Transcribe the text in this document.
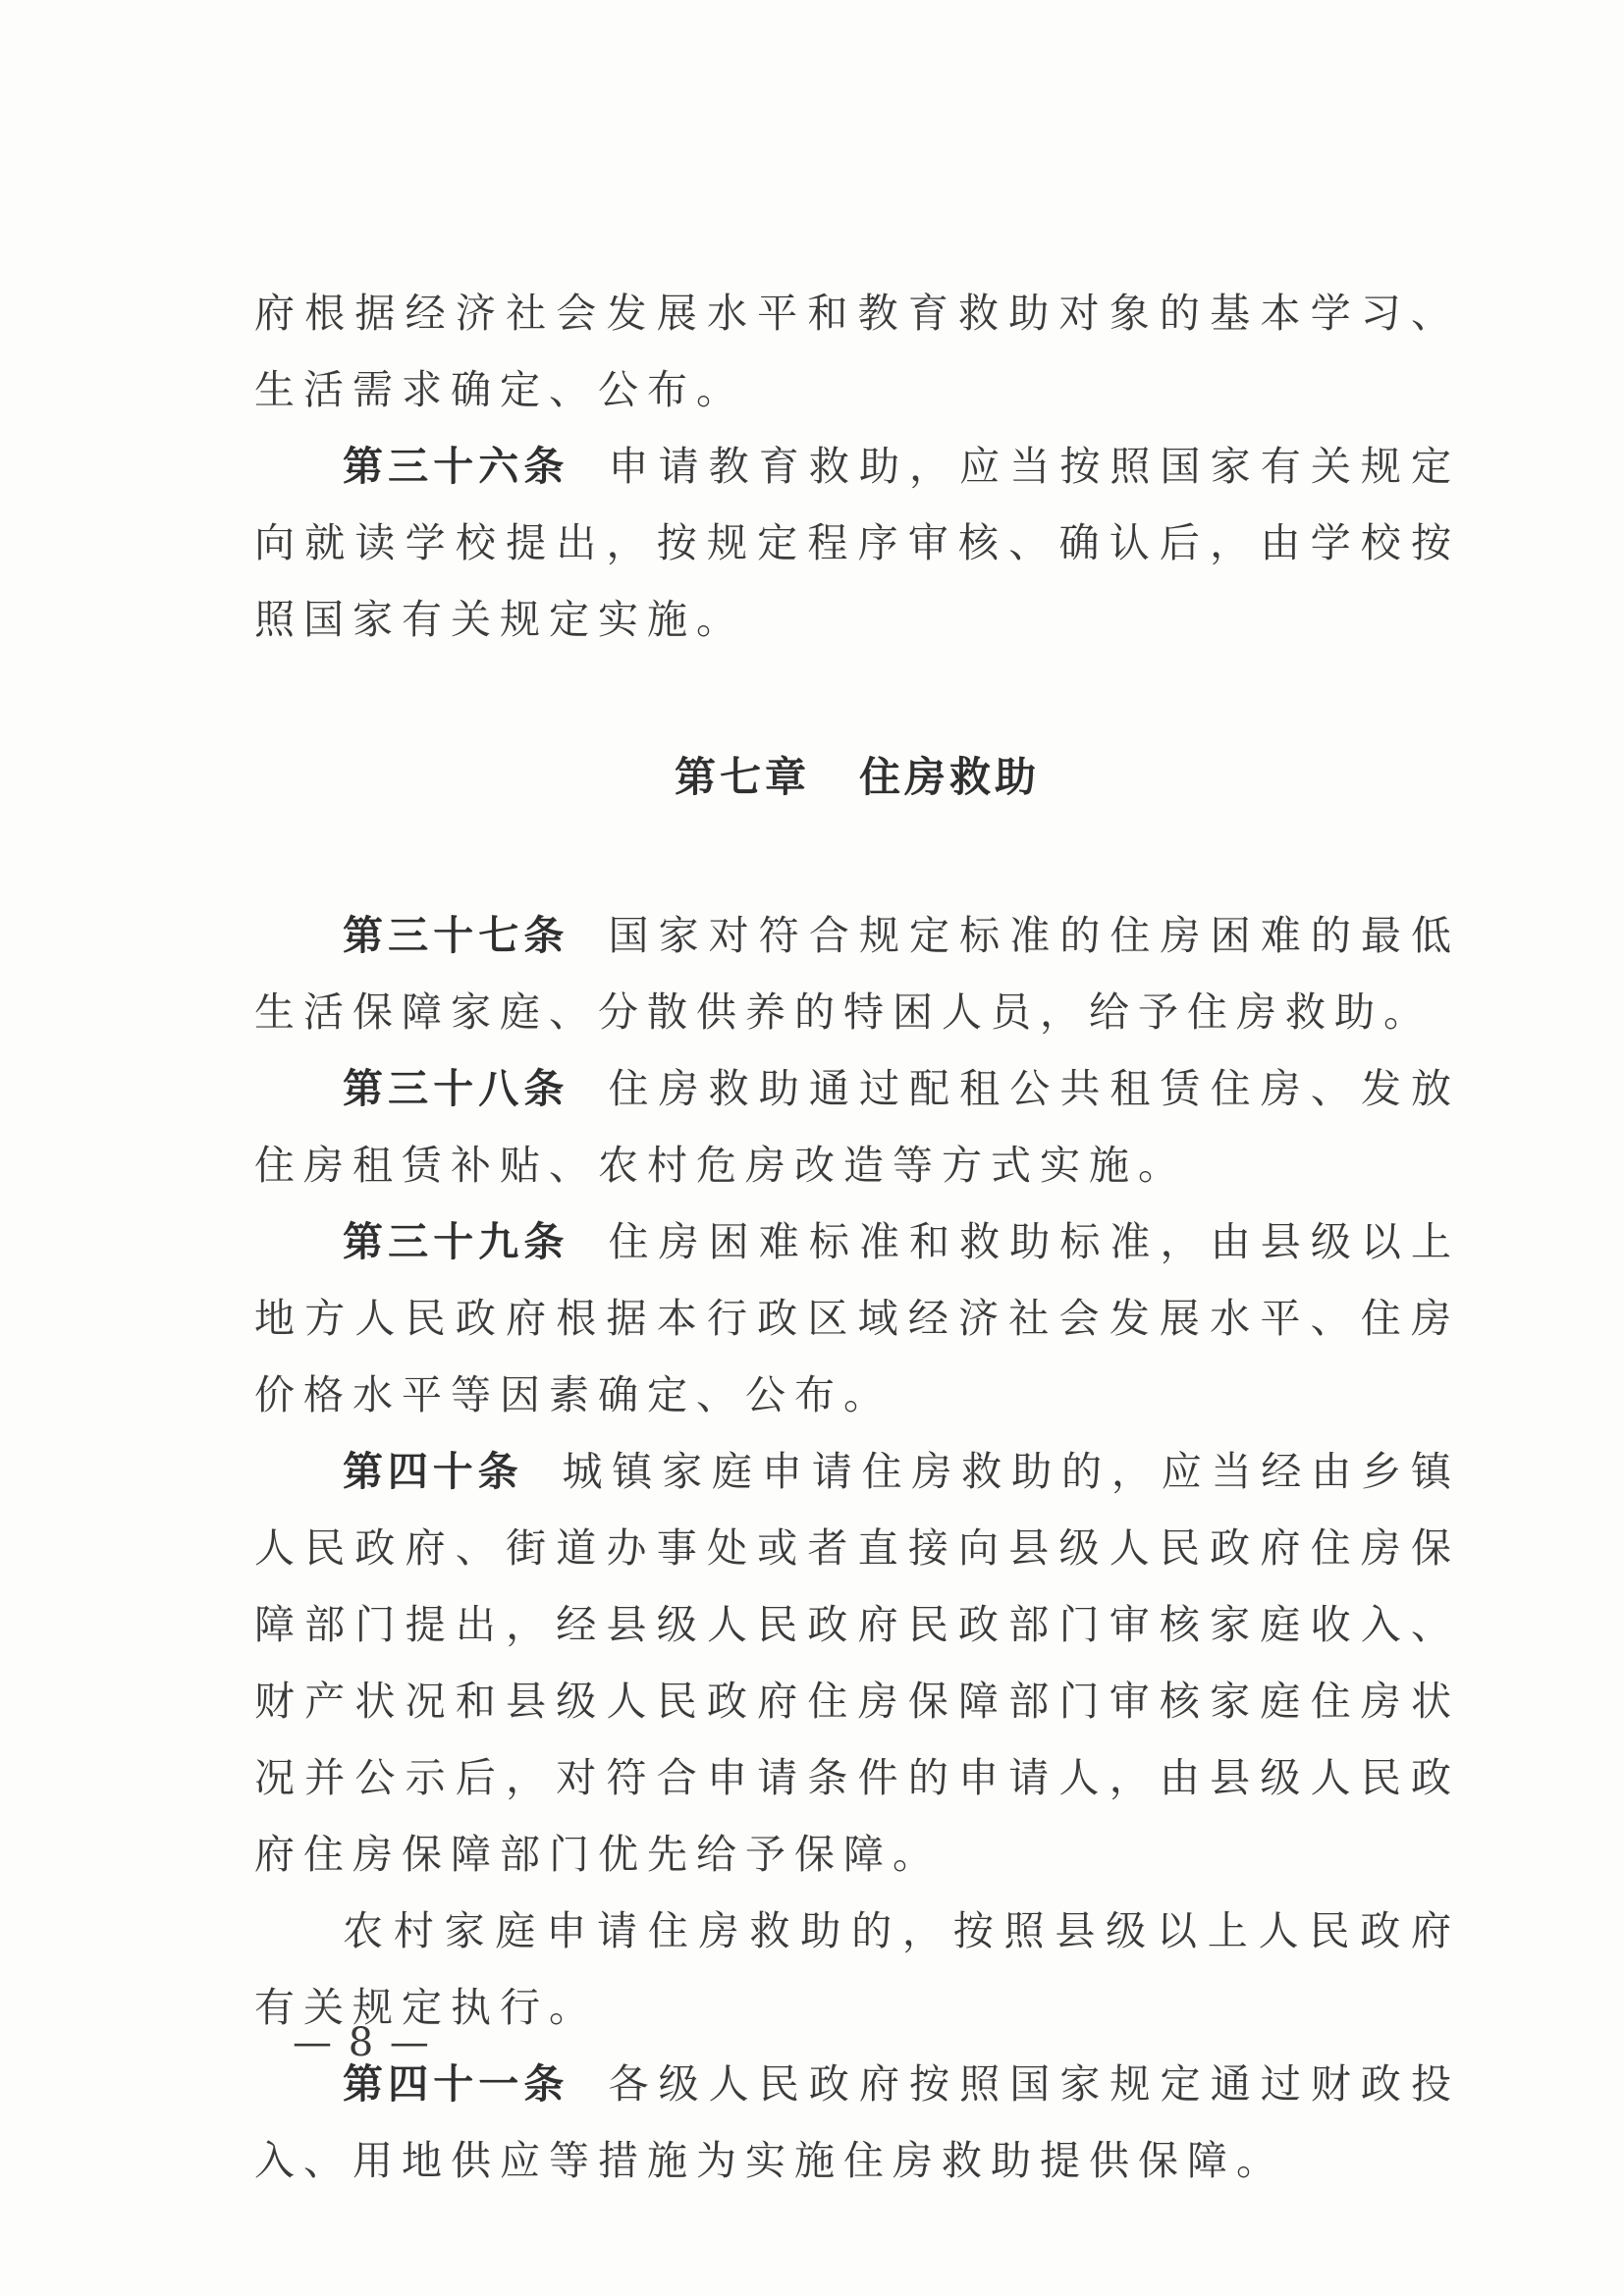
府根据经济社会发展水平和教育救助对象的基本学习、生活需求确定、公布。

第三十六条 申请教育救助，应当按照国家有关规定向就读学校提出，按规定程序审核、确认后，由学校按照国家有关规定实施。

第七章 住房救助

第三十七条 国家对符合规定标准的住房困难的最低生活保障家庭、分散供养的特困人员，给予住房救助。

第三十八条 住房救助通过配租公共租赁住房、发放住房租赁补贴、农村危房改造等方式实施。

第三十九条 住房困难标准和救助标准，由县级以上地方人民政府根据本行政区域经济社会发展水平、住房价格水平等因素确定、公布。

第四十条 城镇家庭申请住房救助的，应当经由乡镇人民政府、街道办事处或者直接向县级人民政府住房保障部门提出，经县级人民政府民政部门审核家庭收入、财产状况和县级人民政府住房保障部门审核家庭住房状况并公示后，对符合申请条件的申请人，由县级人民政府住房保障部门优先给予保障。

农村家庭申请住房救助的，按照县级以上人民政府有关规定执行。

第四十一条 各级人民政府按照国家规定通过财政投入、用地供应等措施为实施住房救助提供保障。

— 8 —
